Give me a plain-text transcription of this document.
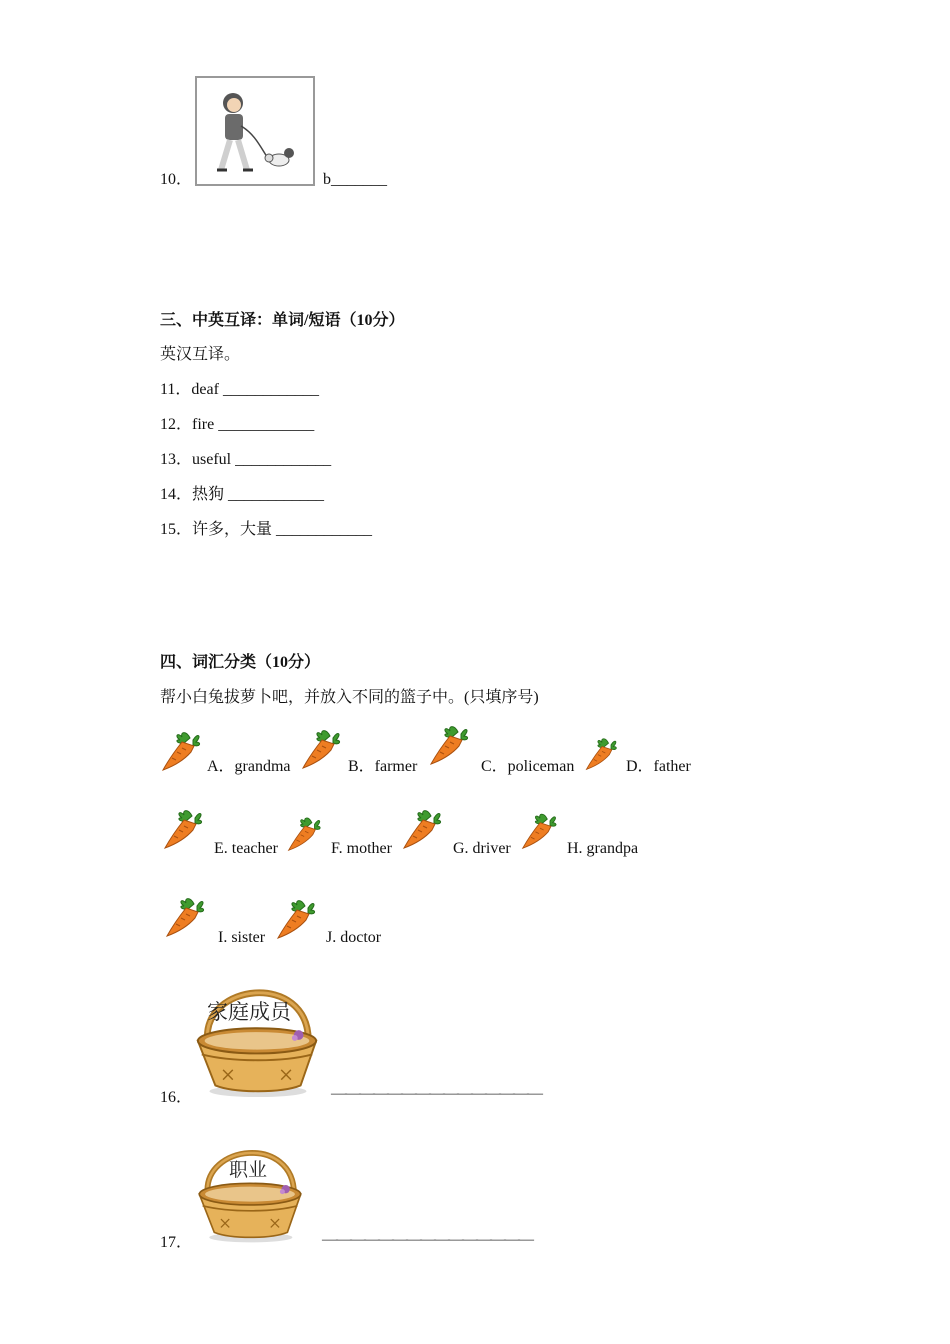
10．	b_______
三、中英互译：单词/短语（10分）
英汉互译。
11．deaf ____________
12．fire ____________
13．useful ____________
14．热狗 ____________
15．许多，大量 ____________
四、词汇分类（10分）
帮小白兔拔萝卜吧，并放入不同的篮子中。(只填序号)
A．grandma	B．farmer	C．policeman	D．father
E. teacher	F. mother	G. driver	H. grandpa
I. sister	J. doctor
16．
家庭成员
———————————————
17．
职业
———————————————
